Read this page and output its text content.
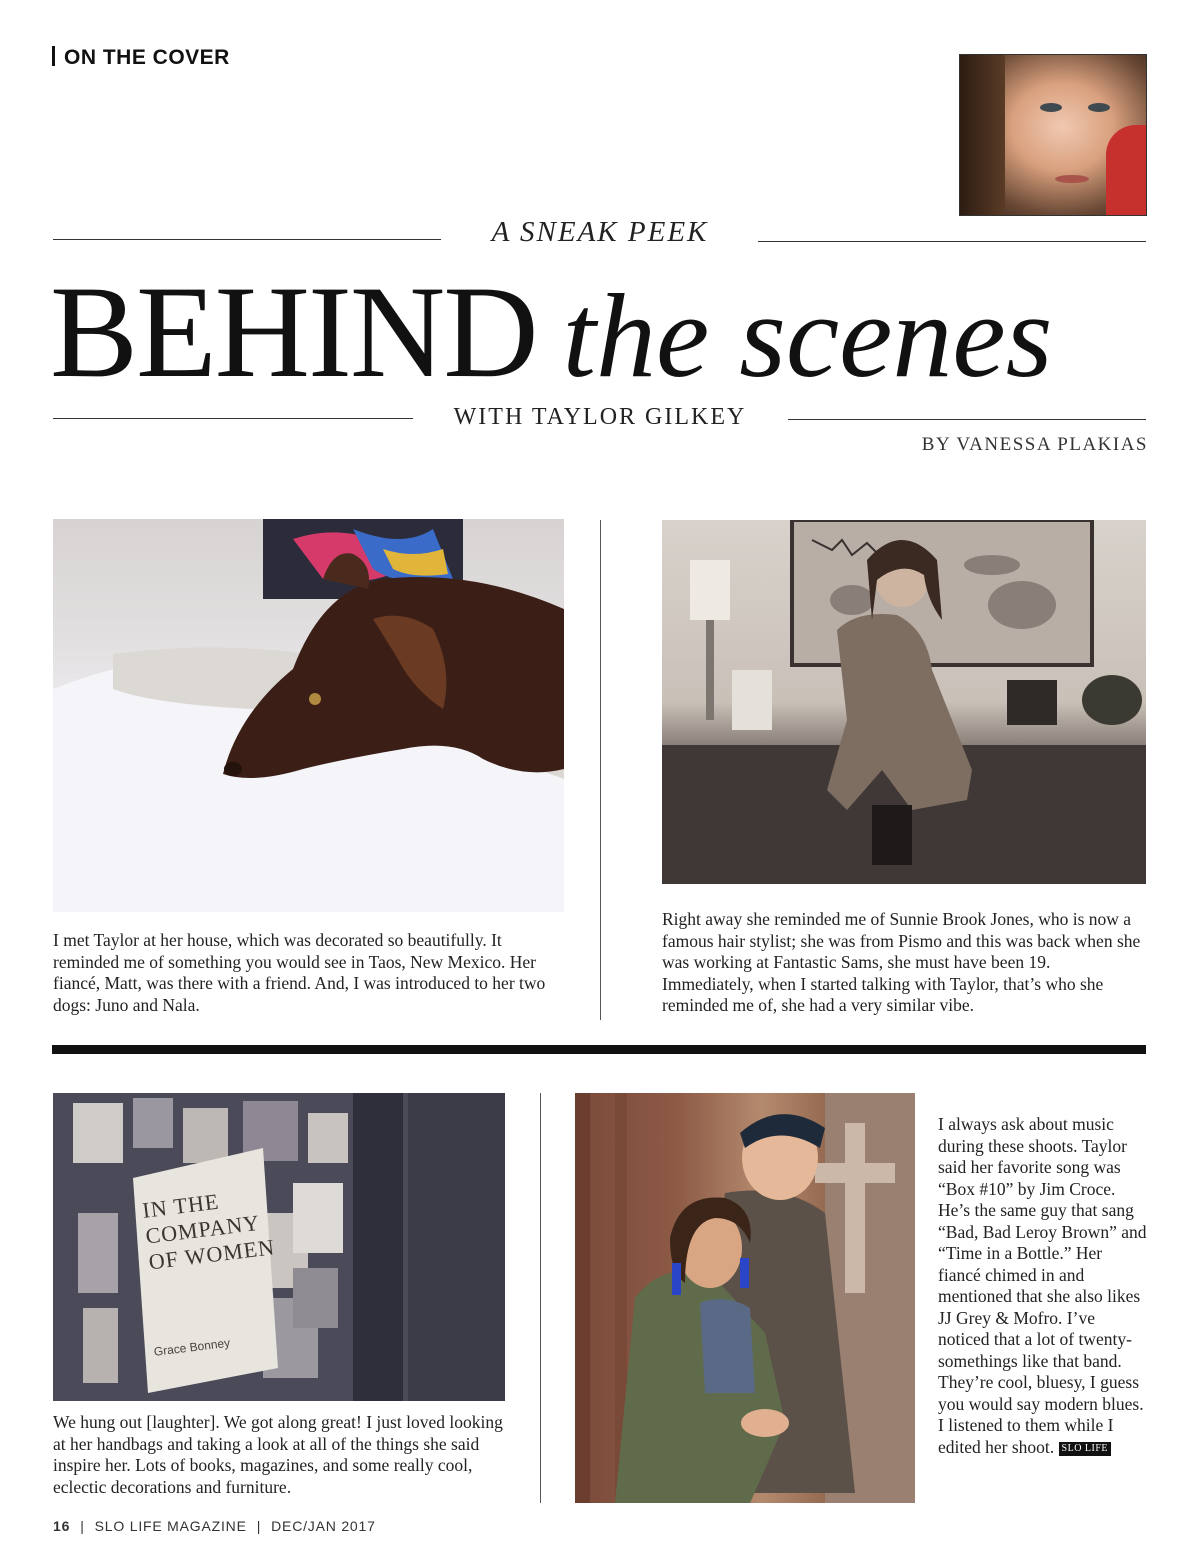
ON THE COVER
A SNEAK PEEK
BEHIND the scenes
WITH TAYLOR GILKEY
BY VANESSA PLAKIAS
I met Taylor at her house, which was decorated so beautifully. It reminded me of something you would see in Taos, New Mexico. Her fiancé, Matt, was there with a friend. And, I was introduced to her two dogs: Juno and Nala.
Right away she reminded me of Sunnie Brook Jones, who is now a famous hair stylist; she was from Pismo and this was back when she was working at Fantastic Sams, she must have been 19. Immediately, when I started talking with Taylor, that’s who she reminded me of, she had a very similar vibe.
IN THE COMPANY OF WOMEN
Grace Bonney
We hung out [laughter]. We got along great! I just loved looking at her handbags and taking a look at all of the things she said inspire her. Lots of books, magazines, and some really cool, eclectic decorations and furniture.
I always ask about music during these shoots. Taylor said her favorite song was “Box #10” by Jim Croce. He’s the same guy that sang “Bad, Bad Leroy Brown” and “Time in a Bottle.” Her fiancé chimed in and mentioned that she also likes JJ Grey & Mofro. I’ve noticed that a lot of twenty-somethings like that band. They’re cool, bluesy, I guess you would say modern blues. I listened to them while I edited her shoot. SLO LIFE
16 | SLO LIFE MAGAZINE | DEC/JAN 2017
